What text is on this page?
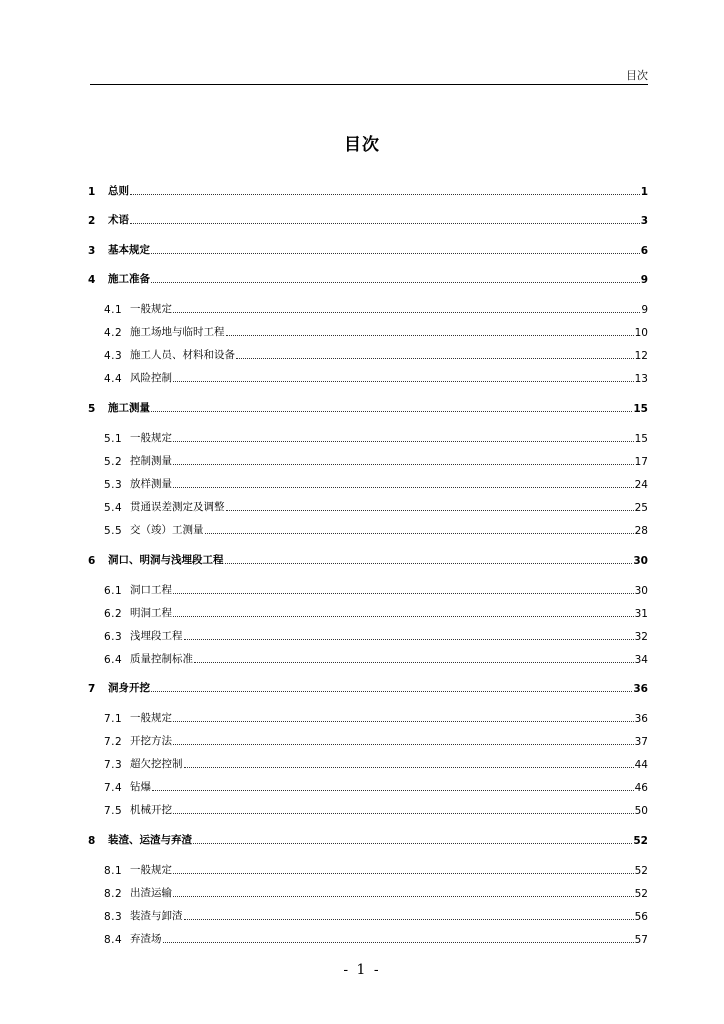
目次
目次
1	总则	1
2	术语	3
3	基本规定	6
4	施工准备	9
4.1 一般规定	9
4.2 施工场地与临时工程	10
4.3 施工人员、材料和设备	12
4.4 风险控制	13
5	施工测量	15
5.1 一般规定	15
5.2 控制测量	17
5.3 放样测量	24
5.4 贯通误差测定及调整	25
5.5 交（竣）工测量	28
6	洞口、明洞与浅埋段工程	30
6.1 洞口工程	30
6.2 明洞工程	31
6.3 浅埋段工程	32
6.4 质量控制标准	34
7	洞身开挖	36
7.1 一般规定	36
7.2 开挖方法	37
7.3 超欠挖控制	44
7.4 钻爆	46
7.5 机械开挖	50
8	装渣、运渣与弃渣	52
8.1 一般规定	52
8.2 出渣运输	52
8.3 装渣与卸渣	56
8.4 弃渣场	57
- 1 -
